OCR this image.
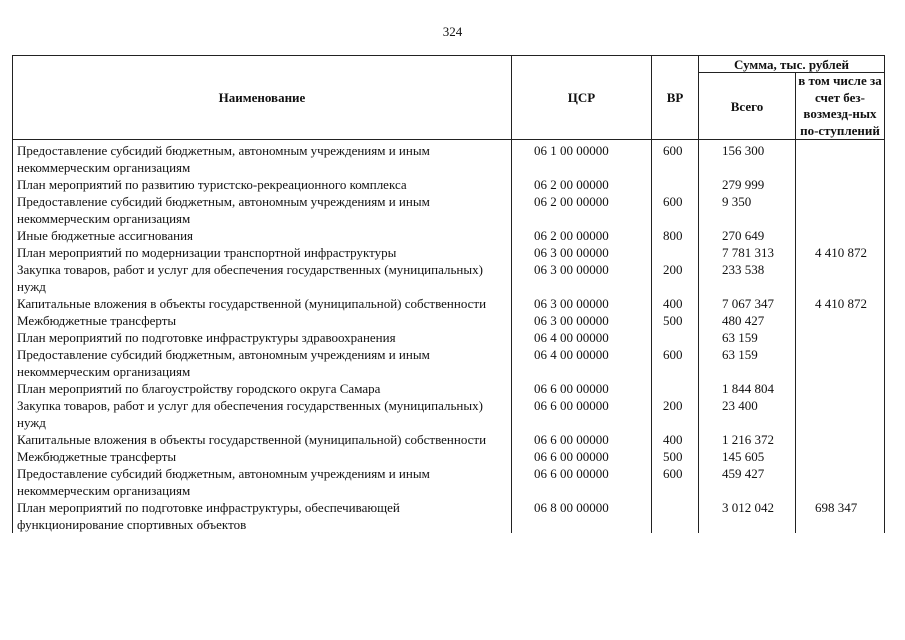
324
Наименование	ЦСР	ВР	Сумма, тыс. рублей	
			Всего	в том числе за счет без-возмезд-ных по-ступлений
Предоставление субсидий бюджетным, автономным учреждениям и иным некоммерческим организациям	06 1 00 00000	600	156 300	
План мероприятий по развитию туристско-рекреационного комплекса	06 2 00 00000		279 999	
Предоставление субсидий бюджетным, автономным учреждениям и иным некоммерческим организациям	06 2 00 00000	600	9 350	
Иные бюджетные ассигнования	06 2 00 00000	800	270 649	
План мероприятий по модернизации транспортной инфраструктуры	06 3 00 00000		7 781 313	4 410 872
Закупка товаров, работ и услуг для обеспечения государственных (муниципальных) нужд	06 3 00 00000	200	233 538	
Капитальные вложения в объекты государственной (муниципальной) собственности	06 3 00 00000	400	7 067 347	4 410 872
Межбюджетные трансферты	06 3 00 00000	500	480 427	
План мероприятий по подготовке инфраструктуры здравоохранения	06 4 00 00000		63 159	
Предоставление субсидий бюджетным, автономным учреждениям и иным некоммерческим организациям	06 4 00 00000	600	63 159	
План мероприятий по благоустройству городского округа Самара	06 6 00 00000		1 844 804	
Закупка товаров, работ и услуг для обеспечения государственных (муниципальных) нужд	06 6 00 00000	200	23 400	
Капитальные вложения в объекты государственной (муниципальной) собственности	06 6 00 00000	400	1 216 372	
Межбюджетные трансферты	06 6 00 00000	500	145 605	
Предоставление субсидий бюджетным, автономным учреждениям и иным некоммерческим организациям	06 6 00 00000	600	459 427	
План мероприятий по подготовке инфраструктуры, обеспечивающей функционирование спортивных объектов	06 8 00 00000		3 012 042	698 347
